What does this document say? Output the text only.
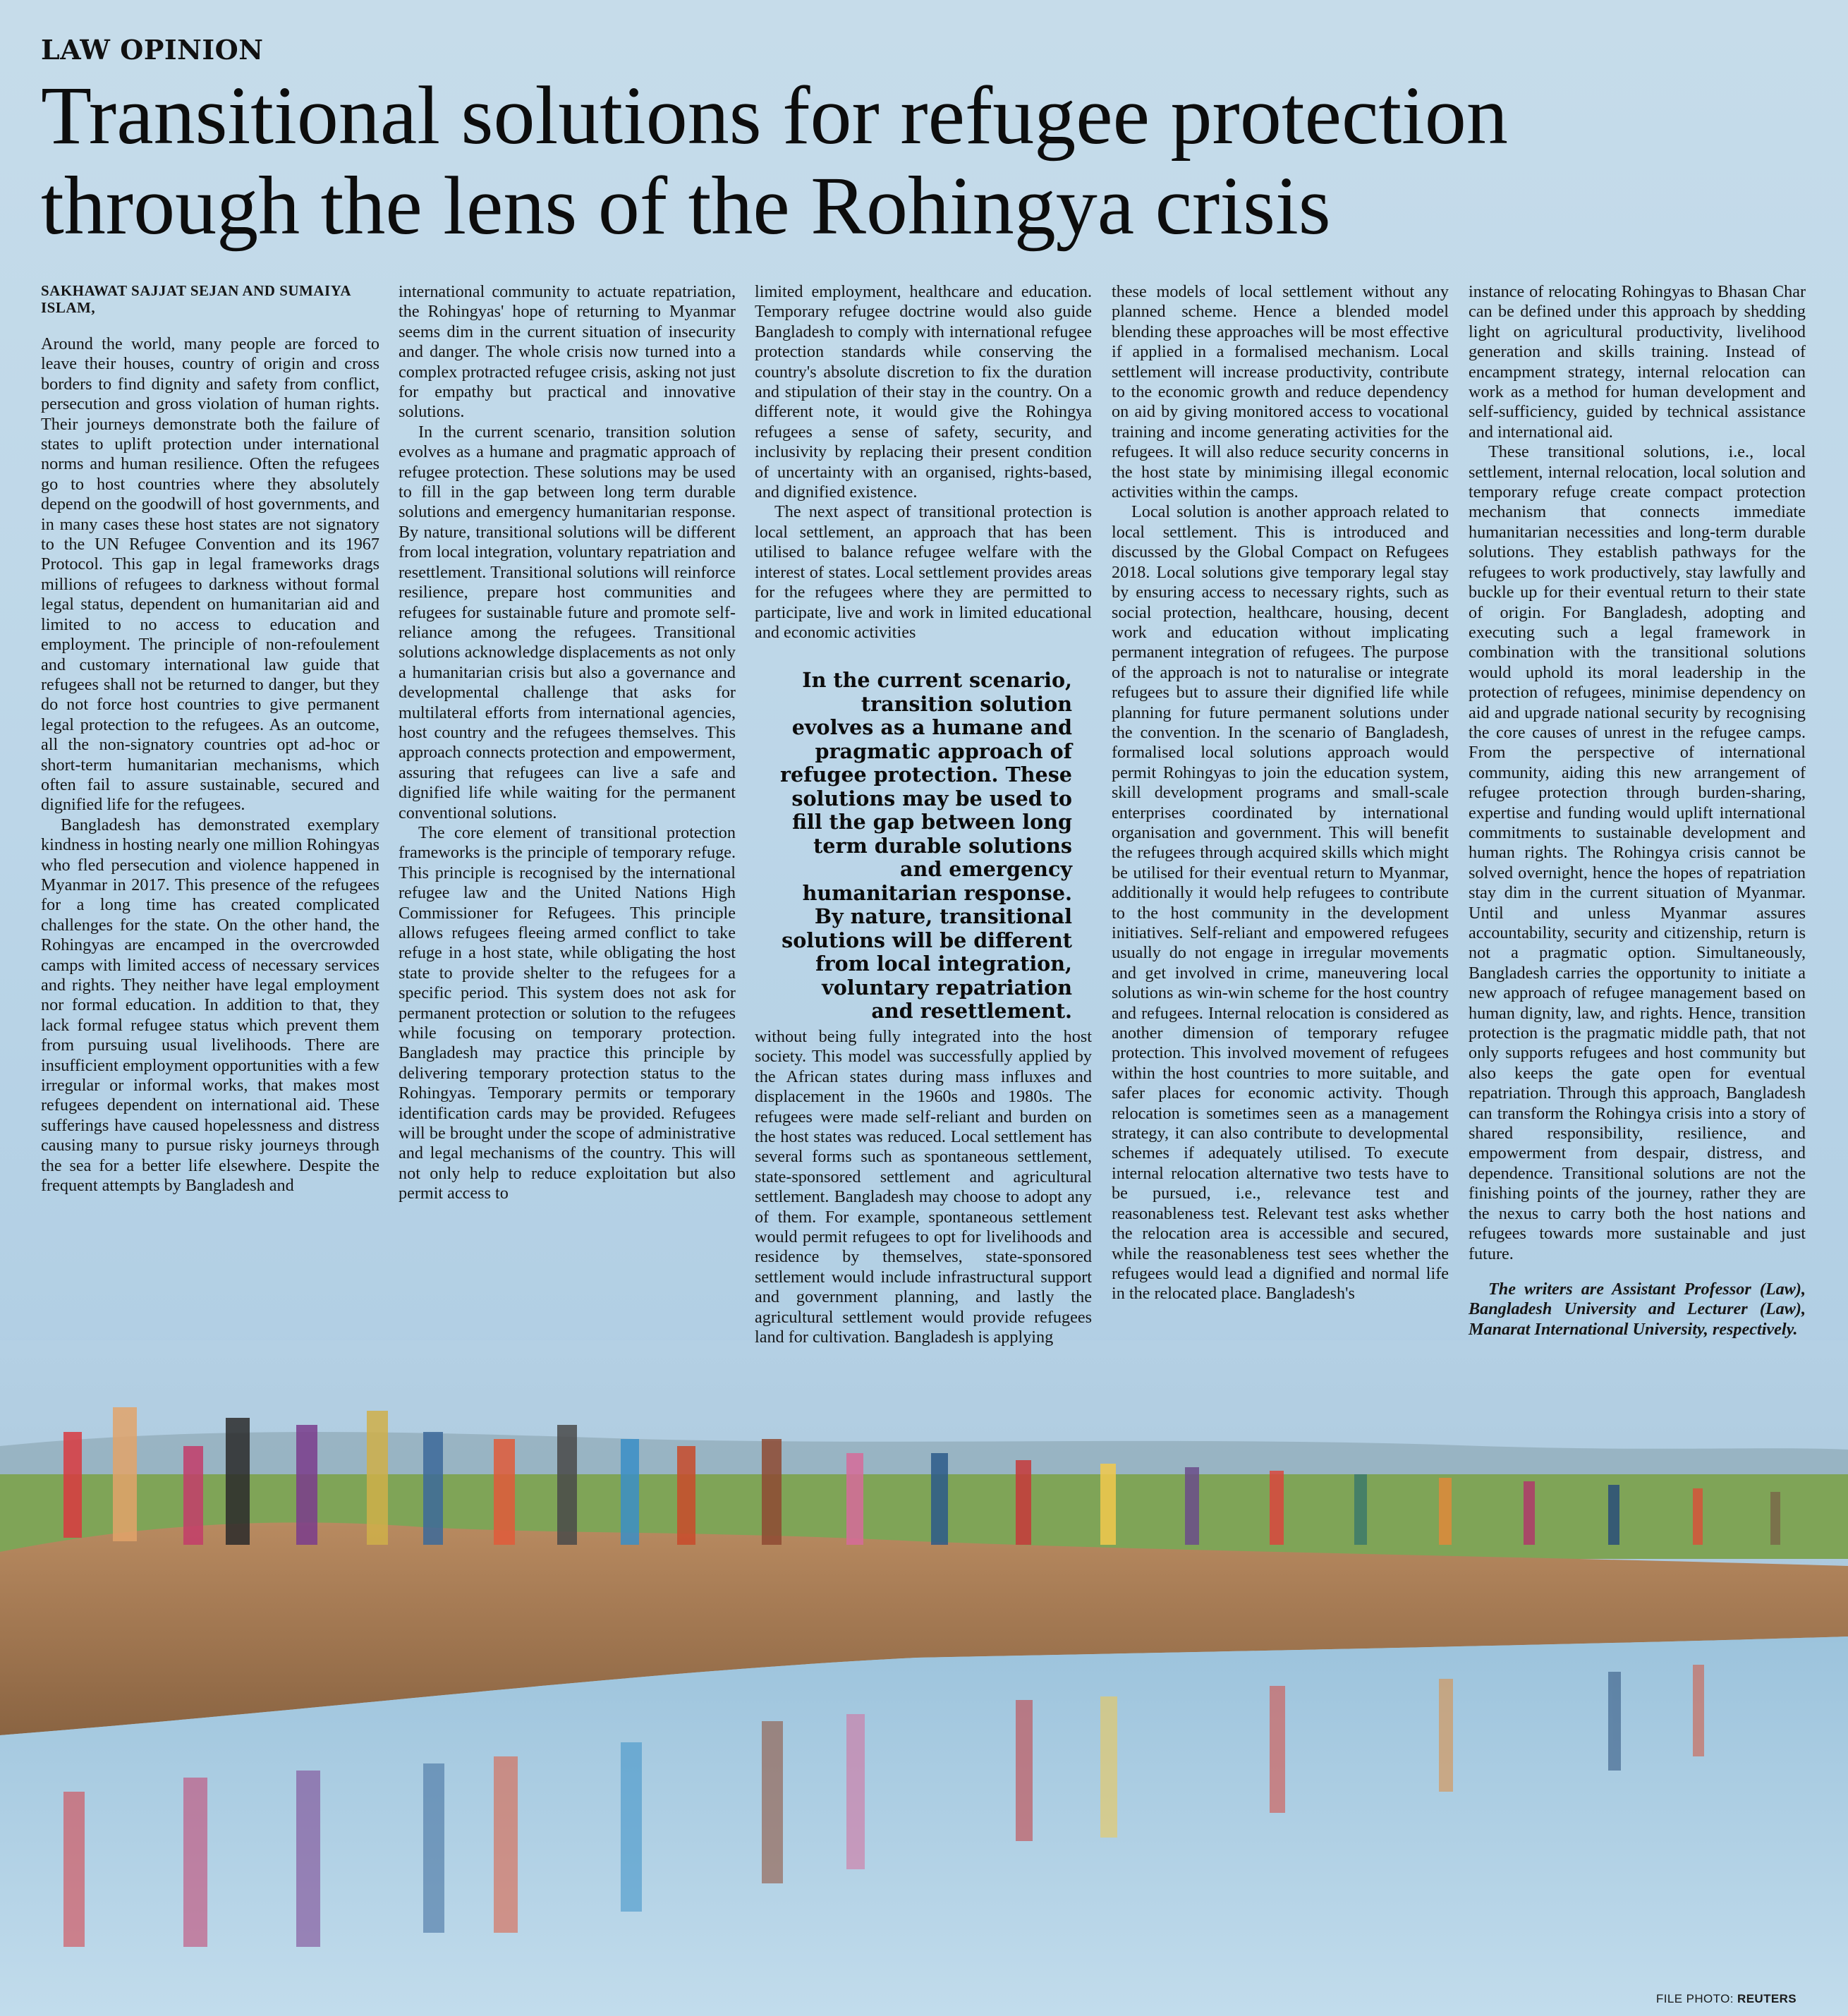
LAW OPINION
Transitional solutions for refugee protection
through the lens of the Rohingya crisis

SAKHAWAT SAJJAT SEJAN AND SUMAIYA ISLAM,

Around the world, many people are forced to leave their houses, country of origin and cross borders to find dignity and safety from conflict, persecution and gross violation of human rights. Their journeys demonstrate both the failure of states to uplift protection under international norms and human resilience. Often the refugees go to host countries where they absolutely depend on the goodwill of host governments, and in many cases these host states are not signatory to the UN Refugee Convention and its 1967 Protocol. This gap in legal frameworks drags millions of refugees to darkness without formal legal status, dependent on humanitarian aid and limited to no access to education and employment. The principle of non-refoulement and customary international law guide that refugees shall not be returned to danger, but they do not force host countries to give permanent legal protection to the refugees. As an outcome, all the non-signatory countries opt ad-hoc or short-term humanitarian mechanisms, which often fail to assure sustainable, secured and dignified life for the refugees.

Bangladesh has demonstrated exemplary kindness in hosting nearly one million Rohingyas who fled persecution and violence happened in Myanmar in 2017. This presence of the refugees for a long time has created complicated challenges for the state. On the other hand, the Rohingyas are encamped in the overcrowded camps with limited access of necessary services and rights. They neither have legal employment nor formal education. In addition to that, they lack formal refugee status which prevent them from pursuing usual livelihoods. There are insufficient employment opportunities with a few irregular or informal works, that makes most refugees dependent on international aid. These sufferings have caused hopelessness and distress causing many to pursue risky journeys through the sea for a better life elsewhere. Despite the frequent attempts by Bangladesh and

international community to actuate repatriation, the Rohingyas' hope of returning to Myanmar seems dim in the current situation of insecurity and danger. The whole crisis now turned into a complex protracted refugee crisis, asking not just for empathy but practical and innovative solutions.

In the current scenario, transition solution evolves as a humane and pragmatic approach of refugee protection. These solutions may be used to fill in the gap between long term durable solutions and emergency humanitarian response. By nature, transitional solutions will be different from local integration, voluntary repatriation and resettlement. Transitional solutions will reinforce resilience, prepare host communities and refugees for sustainable future and promote self-reliance among the refugees. Transitional solutions acknowledge displacements as not only a humanitarian crisis but also a governance and developmental challenge that asks for multilateral efforts from international agencies, host country and the refugees themselves. This approach connects protection and empowerment, assuring that refugees can live a safe and dignified life while waiting for the permanent conventional solutions.

The core element of transitional protection frameworks is the principle of temporary refuge. This principle is recognised by the international refugee law and the United Nations High Commissioner for Refugees. This principle allows refugees fleeing armed conflict to take refuge in a host state, while obligating the host state to provide shelter to the refugees for a specific period. This system does not ask for permanent protection or solution to the refugees while focusing on temporary protection. Bangladesh may practice this principle by delivering temporary protection status to the Rohingyas. Temporary permits or temporary identification cards may be provided. Refugees will be brought under the scope of administrative and legal mechanisms of the country. This will not only help to reduce exploitation but also permit access to

limited employment, healthcare and education. Temporary refugee doctrine would also guide Bangladesh to comply with international refugee protection standards while conserving the country's absolute discretion to fix the duration and stipulation of their stay in the country. On a different note, it would give the Rohingya refugees a sense of safety, security, and inclusivity by replacing their present condition of uncertainty with an organised, rights-based, and dignified existence.

The next aspect of transitional protection is local settlement, an approach that has been utilised to balance refugee welfare with the interest of states. Local settlement provides areas for the refugees where they are permitted to participate, live and work in limited educational and economic activities

In the current scenario, transition solution evolves as a humane and pragmatic approach of refugee protection. These solutions may be used to fill the gap between long term durable solutions and emergency humanitarian response. By nature, transitional solutions will be different from local integration, voluntary repatriation and resettlement.

without being fully integrated into the host society. This model was successfully applied by the African states during mass influxes and displacement in the 1960s and 1980s. The refugees were made self-reliant and burden on the host states was reduced. Local settlement has several forms such as spontaneous settlement, state-sponsored settlement and agricultural settlement. Bangladesh may choose to adopt any of them. For example, spontaneous settlement would permit refugees to opt for livelihoods and residence by themselves, state-sponsored settlement would include infrastructural support and government planning, and lastly the agricultural settlement would provide refugees land for cultivation. Bangladesh is applying

these models of local settlement without any planned scheme. Hence a blended model blending these approaches will be most effective if applied in a formalised mechanism. Local settlement will increase productivity, contribute to the economic growth and reduce dependency on aid by giving monitored access to vocational training and income generating activities for the refugees. It will also reduce security concerns in the host state by minimising illegal economic activities within the camps.

Local solution is another approach related to local settlement. This is introduced and discussed by the Global Compact on Refugees 2018. Local solutions give temporary legal stay by ensuring access to necessary rights, such as social protection, healthcare, housing, decent work and education without implicating permanent integration of refugees. The purpose of the approach is not to naturalise or integrate refugees but to assure their dignified life while planning for future permanent solutions under the convention. In the scenario of Bangladesh, formalised local solutions approach would permit Rohingyas to join the education system, skill development programs and small-scale enterprises coordinated by international organisation and government. This will benefit the refugees through acquired skills which might be utilised for their eventual return to Myanmar, additionally it would help refugees to contribute to the host community in the development initiatives. Self-reliant and empowered refugees usually do not engage in irregular movements and get involved in crime, maneuvering local solutions as win-win scheme for the host country and refugees. Internal relocation is considered as another dimension of temporary refugee protection. This involved movement of refugees within the host countries to more suitable, and safer places for economic activity. Though relocation is sometimes seen as a management strategy, it can also contribute to developmental schemes if adequately utilised. To execute internal relocation alternative two tests have to be pursued, i.e., relevance test and reasonableness test. Relevant test asks whether the relocation area is accessible and secured, while the reasonableness test sees whether the refugees would lead a dignified and normal life in the relocated place. Bangladesh's

instance of relocating Rohingyas to Bhasan Char can be defined under this approach by shedding light on agricultural productivity, livelihood generation and skills training. Instead of encampment strategy, internal relocation can work as a method for human development and self-sufficiency, guided by technical assistance and international aid.

These transitional solutions, i.e., local settlement, internal relocation, local solution and temporary refuge create compact protection mechanism that connects immediate humanitarian necessities and long-term durable solutions. They establish pathways for the refugees to work productively, stay lawfully and buckle up for their eventual return to their state of origin. For Bangladesh, adopting and executing such a legal framework in combination with the transitional solutions would uphold its moral leadership in the protection of refugees, minimise dependency on aid and upgrade national security by recognising the core causes of unrest in the refugee camps. From the perspective of international community, aiding this new arrangement of refugee protection through burden-sharing, expertise and funding would uplift international commitments to sustainable development and human rights. The Rohingya crisis cannot be solved overnight, hence the hopes of repatriation stay dim in the current situation of Myanmar. Until and unless Myanmar assures accountability, security and citizenship, return is not a pragmatic option. Simultaneously, Bangladesh carries the opportunity to initiate a new approach of refugee management based on human dignity, law, and rights. Hence, transition protection is the pragmatic middle path, that not only supports refugees and host community but also keeps the gate open for eventual repatriation. Through this approach, Bangladesh can transform the Rohingya crisis into a story of shared responsibility, resilience, and empowerment from despair, distress, and dependence. Transitional solutions are not the finishing points of the journey, rather they are the nexus to carry both the host nations and refugees towards more sustainable and just future.

The writers are Assistant Professor (Law), Bangladesh University and Lecturer (Law), Manarat International University, respectively.

FILE PHOTO: REUTERS
